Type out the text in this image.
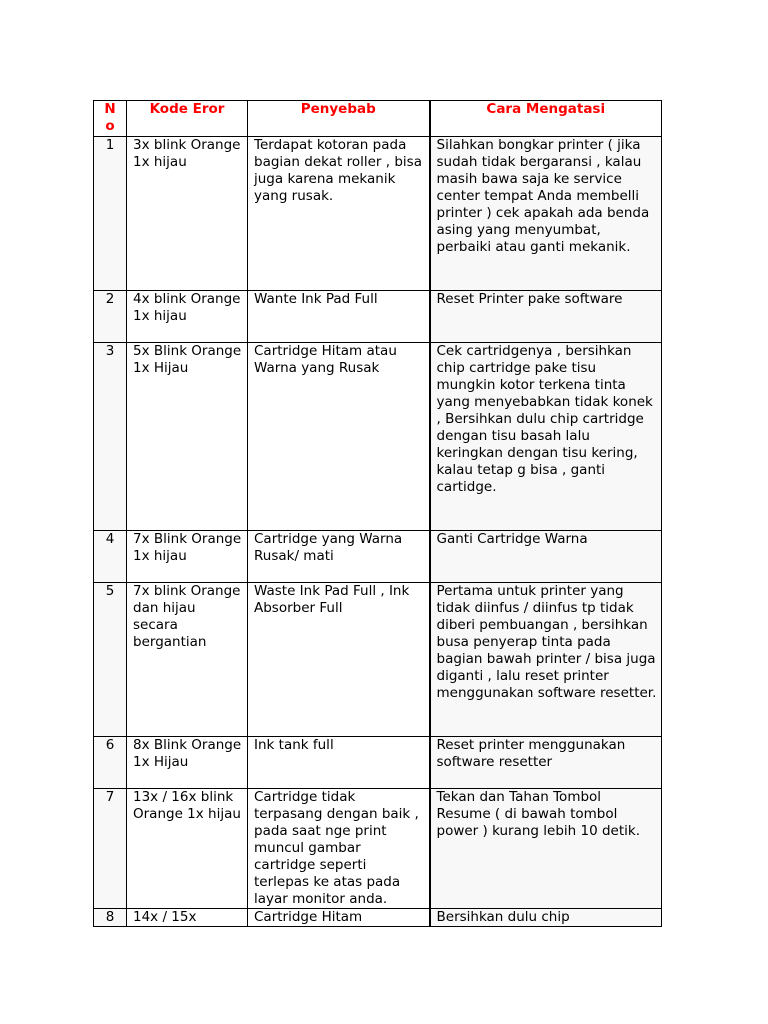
N o	Kode Eror	Penyebab	Cara Mengatasi

1	3x blink Orange 1x hijau	Terdapat kotoran pada bagian dekat roller , bisa juga karena mekanik yang rusak.	Silahkan bongkar printer ( jika sudah tidak bergaransi , kalau masih bawa saja ke service center tempat Anda membelli printer ) cek apakah ada benda asing yang menyumbat, perbaiki atau ganti mekanik.
2	4x blink Orange 1x hijau	Wante Ink Pad Full	Reset Printer pake software
3	5x Blink Orange 1x Hijau	Cartridge Hitam atau Warna yang Rusak	Cek cartridgenya , bersihkan chip cartridge pake tisu mungkin kotor terkena tinta yang menyebabkan tidak konek , Bersihkan dulu chip cartridge dengan tisu basah lalu keringkan dengan tisu kering, kalau tetap g bisa , ganti cartidge.
4	7x Blink Orange 1x hijau	Cartridge yang Warna Rusak/ mati	Ganti Cartridge Warna
5	7x blink Orange dan hijau secara bergantian	Waste Ink Pad Full , Ink Absorber Full	Pertama untuk printer yang tidak diinfus / diinfus tp tidak diberi pembuangan , bersihkan busa penyerap tinta pada bagian bawah printer / bisa juga diganti , lalu reset printer menggunakan software resetter.
6	8x Blink Orange 1x Hijau	Ink tank full	Reset printer menggunakan software resetter
7	13x / 16x blink Orange 1x hijau	Cartridge tidak terpasang dengan baik , pada saat nge print muncul gambar cartridge seperti terlepas ke atas pada layar monitor anda.	Tekan dan Tahan Tombol Resume ( di bawah tombol power ) kurang lebih 10 detik.
8	14x / 15x	Cartridge Hitam	Bersihkan dulu chip
